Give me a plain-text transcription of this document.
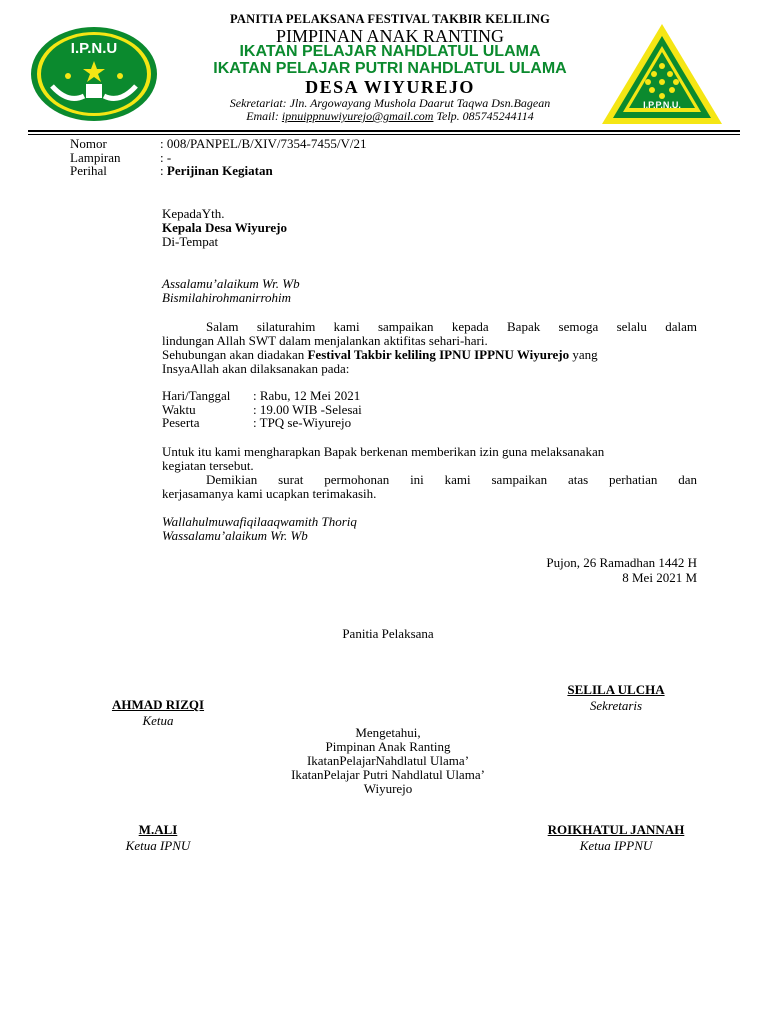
I.P.N.U
I.P.P.N.U.
PANITIA PELAKSANA FESTIVAL TAKBIR KELILING
PIMPINAN ANAK RANTING
IKATAN PELAJAR NAHDLATUL ULAMA
IKATAN PELAJAR PUTRI NAHDLATUL ULAMA
DESA WIYUREJO
Sekretariat: Jln. Argowayang Mushola Daarut Taqwa Dsn.Bagean
Email: ipnuippnuwiyurejo@gmail.com Telp. 085745244114
Nomor	: 008/PANPEL/B/XIV/7354-7455/V/21
Lampiran	: -
Perihal	: Perijinan Kegiatan
KepadaYth.
Kepala Desa Wiyurejo
Di-Tempat
Assalamu’alaikum Wr. Wb
Bismilahirohmanirrohim
Salam silaturahim kami sampaikan kepada Bapak semoga selalu dalam
lindungan Allah SWT dalam menjalankan aktifitas sehari-hari.
Sehubungan akan diadakan Festival Takbir keliling IPNU IPPNU Wiyurejo yang
InsyaAllah akan dilaksanakan pada:
Hari/Tanggal : Rabu, 12 Mei 2021
Waktu	: 19.00 WIB -Selesai
Peserta	: TPQ se-Wiyurejo
Untuk itu kami mengharapkan Bapak berkenan memberikan izin guna melaksanakan
kegiatan tersebut.
Demikian surat permohonan ini kami sampaikan atas perhatian dan
kerjasamanya kami ucapkan terimakasih.
Wallahulmuwafiqilaaqwamith Thoriq
Wassalamu’alaikum Wr. Wb
Pujon, 26 Ramadhan 1442 H
8 Mei 2021 M
Panitia Pelaksana
SELILA ULCHA
Sekretaris
AHMAD RIZQI
Ketua
Mengetahui,
Pimpinan Anak Ranting
IkatanPelajarNahdlatul Ulama’
IkatanPelajar Putri Nahdlatul Ulama’
Wiyurejo
M.ALI
Ketua IPNU
ROIKHATUL JANNAH
Ketua IPPNU
